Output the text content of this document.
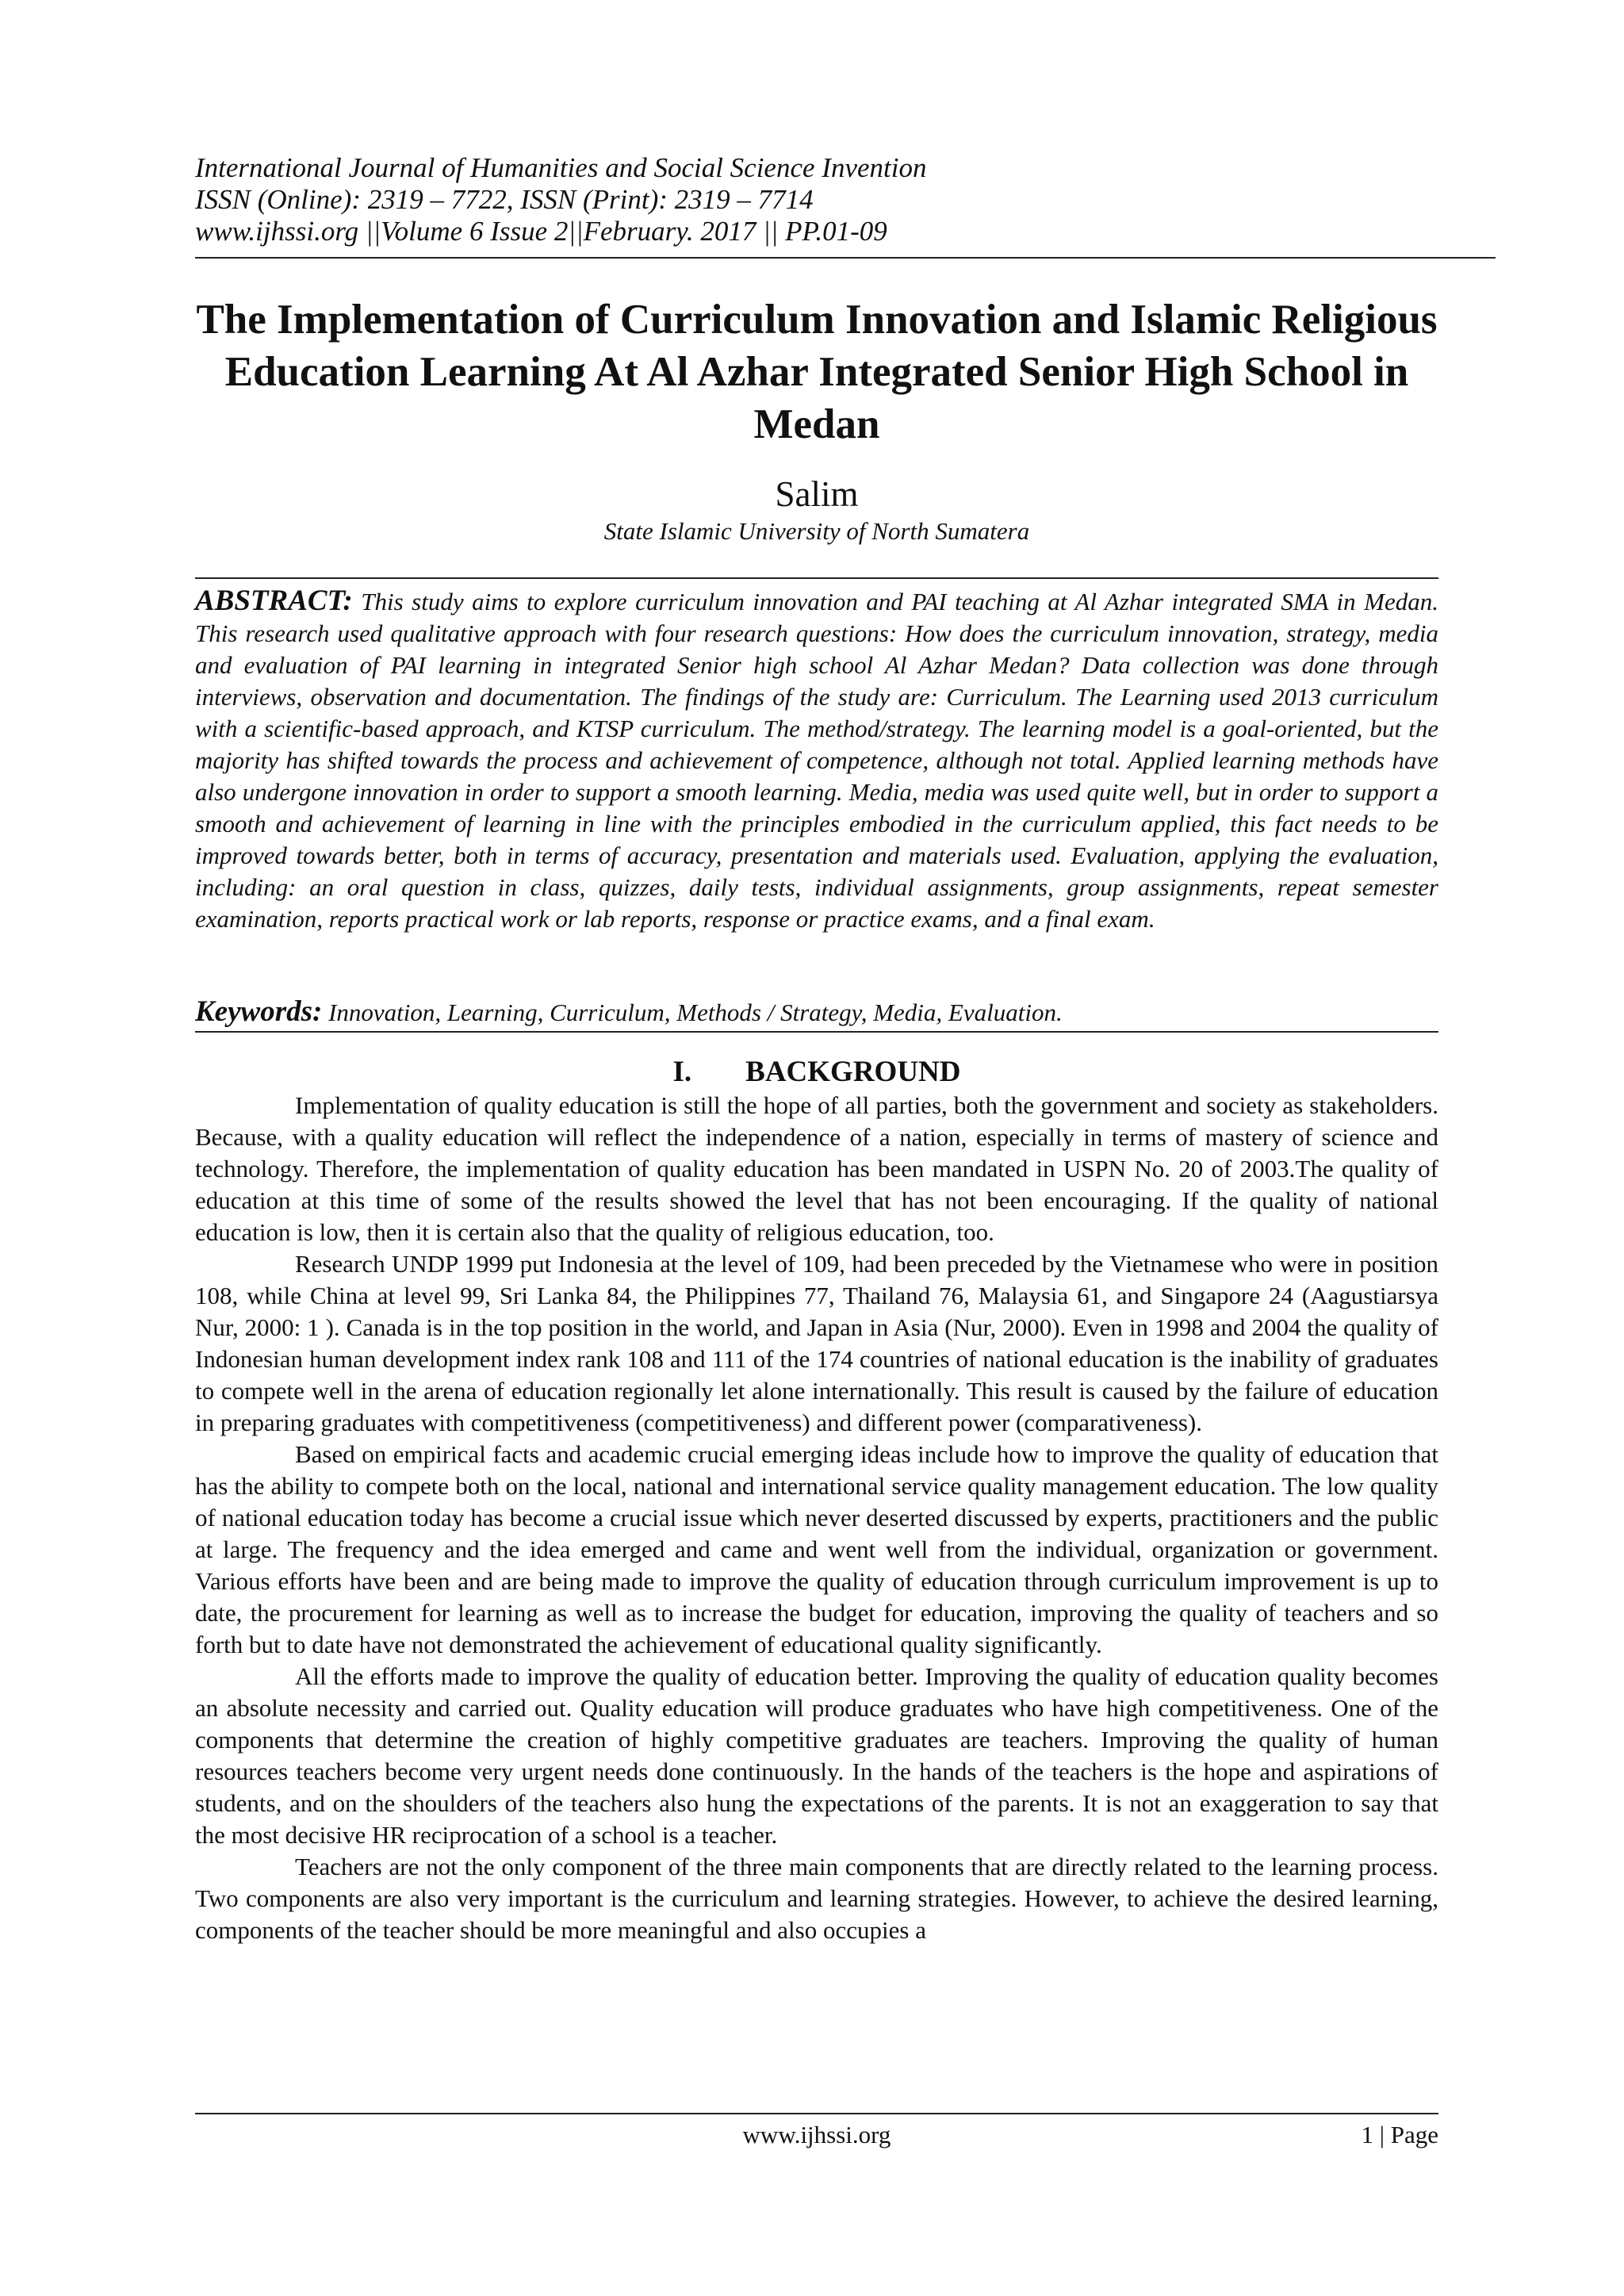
International Journal of Humanities and Social Science Invention
ISSN (Online): 2319 – 7722, ISSN (Print): 2319 – 7714
www.ijhssi.org ||Volume 6 Issue 2||February. 2017 || PP.01-09
The Implementation of Curriculum Innovation and Islamic Religious Education Learning At Al Azhar Integrated Senior High School in Medan
Salim
State Islamic University of North Sumatera
ABSTRACT: This study aims to explore curriculum innovation and PAI teaching at Al Azhar integrated SMA in Medan. This research used qualitative approach with four research questions: How does the curriculum innovation, strategy, media and evaluation of PAI learning in integrated Senior high school Al Azhar Medan? Data collection was done through interviews, observation and documentation. The findings of the study are: Curriculum. The Learning used 2013 curriculum with a scientific-based approach, and KTSP curriculum. The method/strategy. The learning model is a goal-oriented, but the majority has shifted towards the process and achievement of competence, although not total. Applied learning methods have also undergone innovation in order to support a smooth learning. Media, media was used quite well, but in order to support a smooth and achievement of learning in line with the principles embodied in the curriculum applied, this fact needs to be improved towards better, both in terms of accuracy, presentation and materials used. Evaluation, applying the evaluation, including: an oral question in class, quizzes, daily tests, individual assignments, group assignments, repeat semester examination, reports practical work or lab reports, response or practice exams, and a final exam.
Keywords: Innovation, Learning, Curriculum, Methods / Strategy, Media, Evaluation.
I. BACKGROUND

Implementation of quality education is still the hope of all parties, both the government and society as stakeholders. Because, with a quality education will reflect the independence of a nation, especially in terms of mastery of science and technology. Therefore, the implementation of quality education has been mandated in USPN No. 20 of 2003.The quality of education at this time of some of the results showed the level that has not been encouraging. If the quality of national education is low, then it is certain also that the quality of religious education, too.

Research UNDP 1999 put Indonesia at the level of 109, had been preceded by the Vietnamese who were in position 108, while China at level 99, Sri Lanka 84, the Philippines 77, Thailand 76, Malaysia 61, and Singapore 24 (Aagustiarsya Nur, 2000: 1 ). Canada is in the top position in the world, and Japan in Asia (Nur, 2000). Even in 1998 and 2004 the quality of Indonesian human development index rank 108 and 111 of the 174 countries of national education is the inability of graduates to compete well in the arena of education regionally let alone internationally. This result is caused by the failure of education in preparing graduates with competitiveness (competitiveness) and different power (comparativeness).

Based on empirical facts and academic crucial emerging ideas include how to improve the quality of education that has the ability to compete both on the local, national and international service quality management education. The low quality of national education today has become a crucial issue which never deserted discussed by experts, practitioners and the public at large. The frequency and the idea emerged and came and went well from the individual, organization or government. Various efforts have been and are being made to improve the quality of education through curriculum improvement is up to date, the procurement for learning as well as to increase the budget for education, improving the quality of teachers and so forth but to date have not demonstrated the achievement of educational quality significantly.

All the efforts made to improve the quality of education better. Improving the quality of education quality becomes an absolute necessity and carried out. Quality education will produce graduates who have high competitiveness. One of the components that determine the creation of highly competitive graduates are teachers. Improving the quality of human resources teachers become very urgent needs done continuously. In the hands of the teachers is the hope and aspirations of students, and on the shoulders of the teachers also hung the expectations of the parents. It is not an exaggeration to say that the most decisive HR reciprocation of a school is a teacher.

Teachers are not the only component of the three main components that are directly related to the learning process. Two components are also very important is the curriculum and learning strategies. However, to achieve the desired learning, components of the teacher should be more meaningful and also occupies a

www.ijhssi.org	1 | Page
